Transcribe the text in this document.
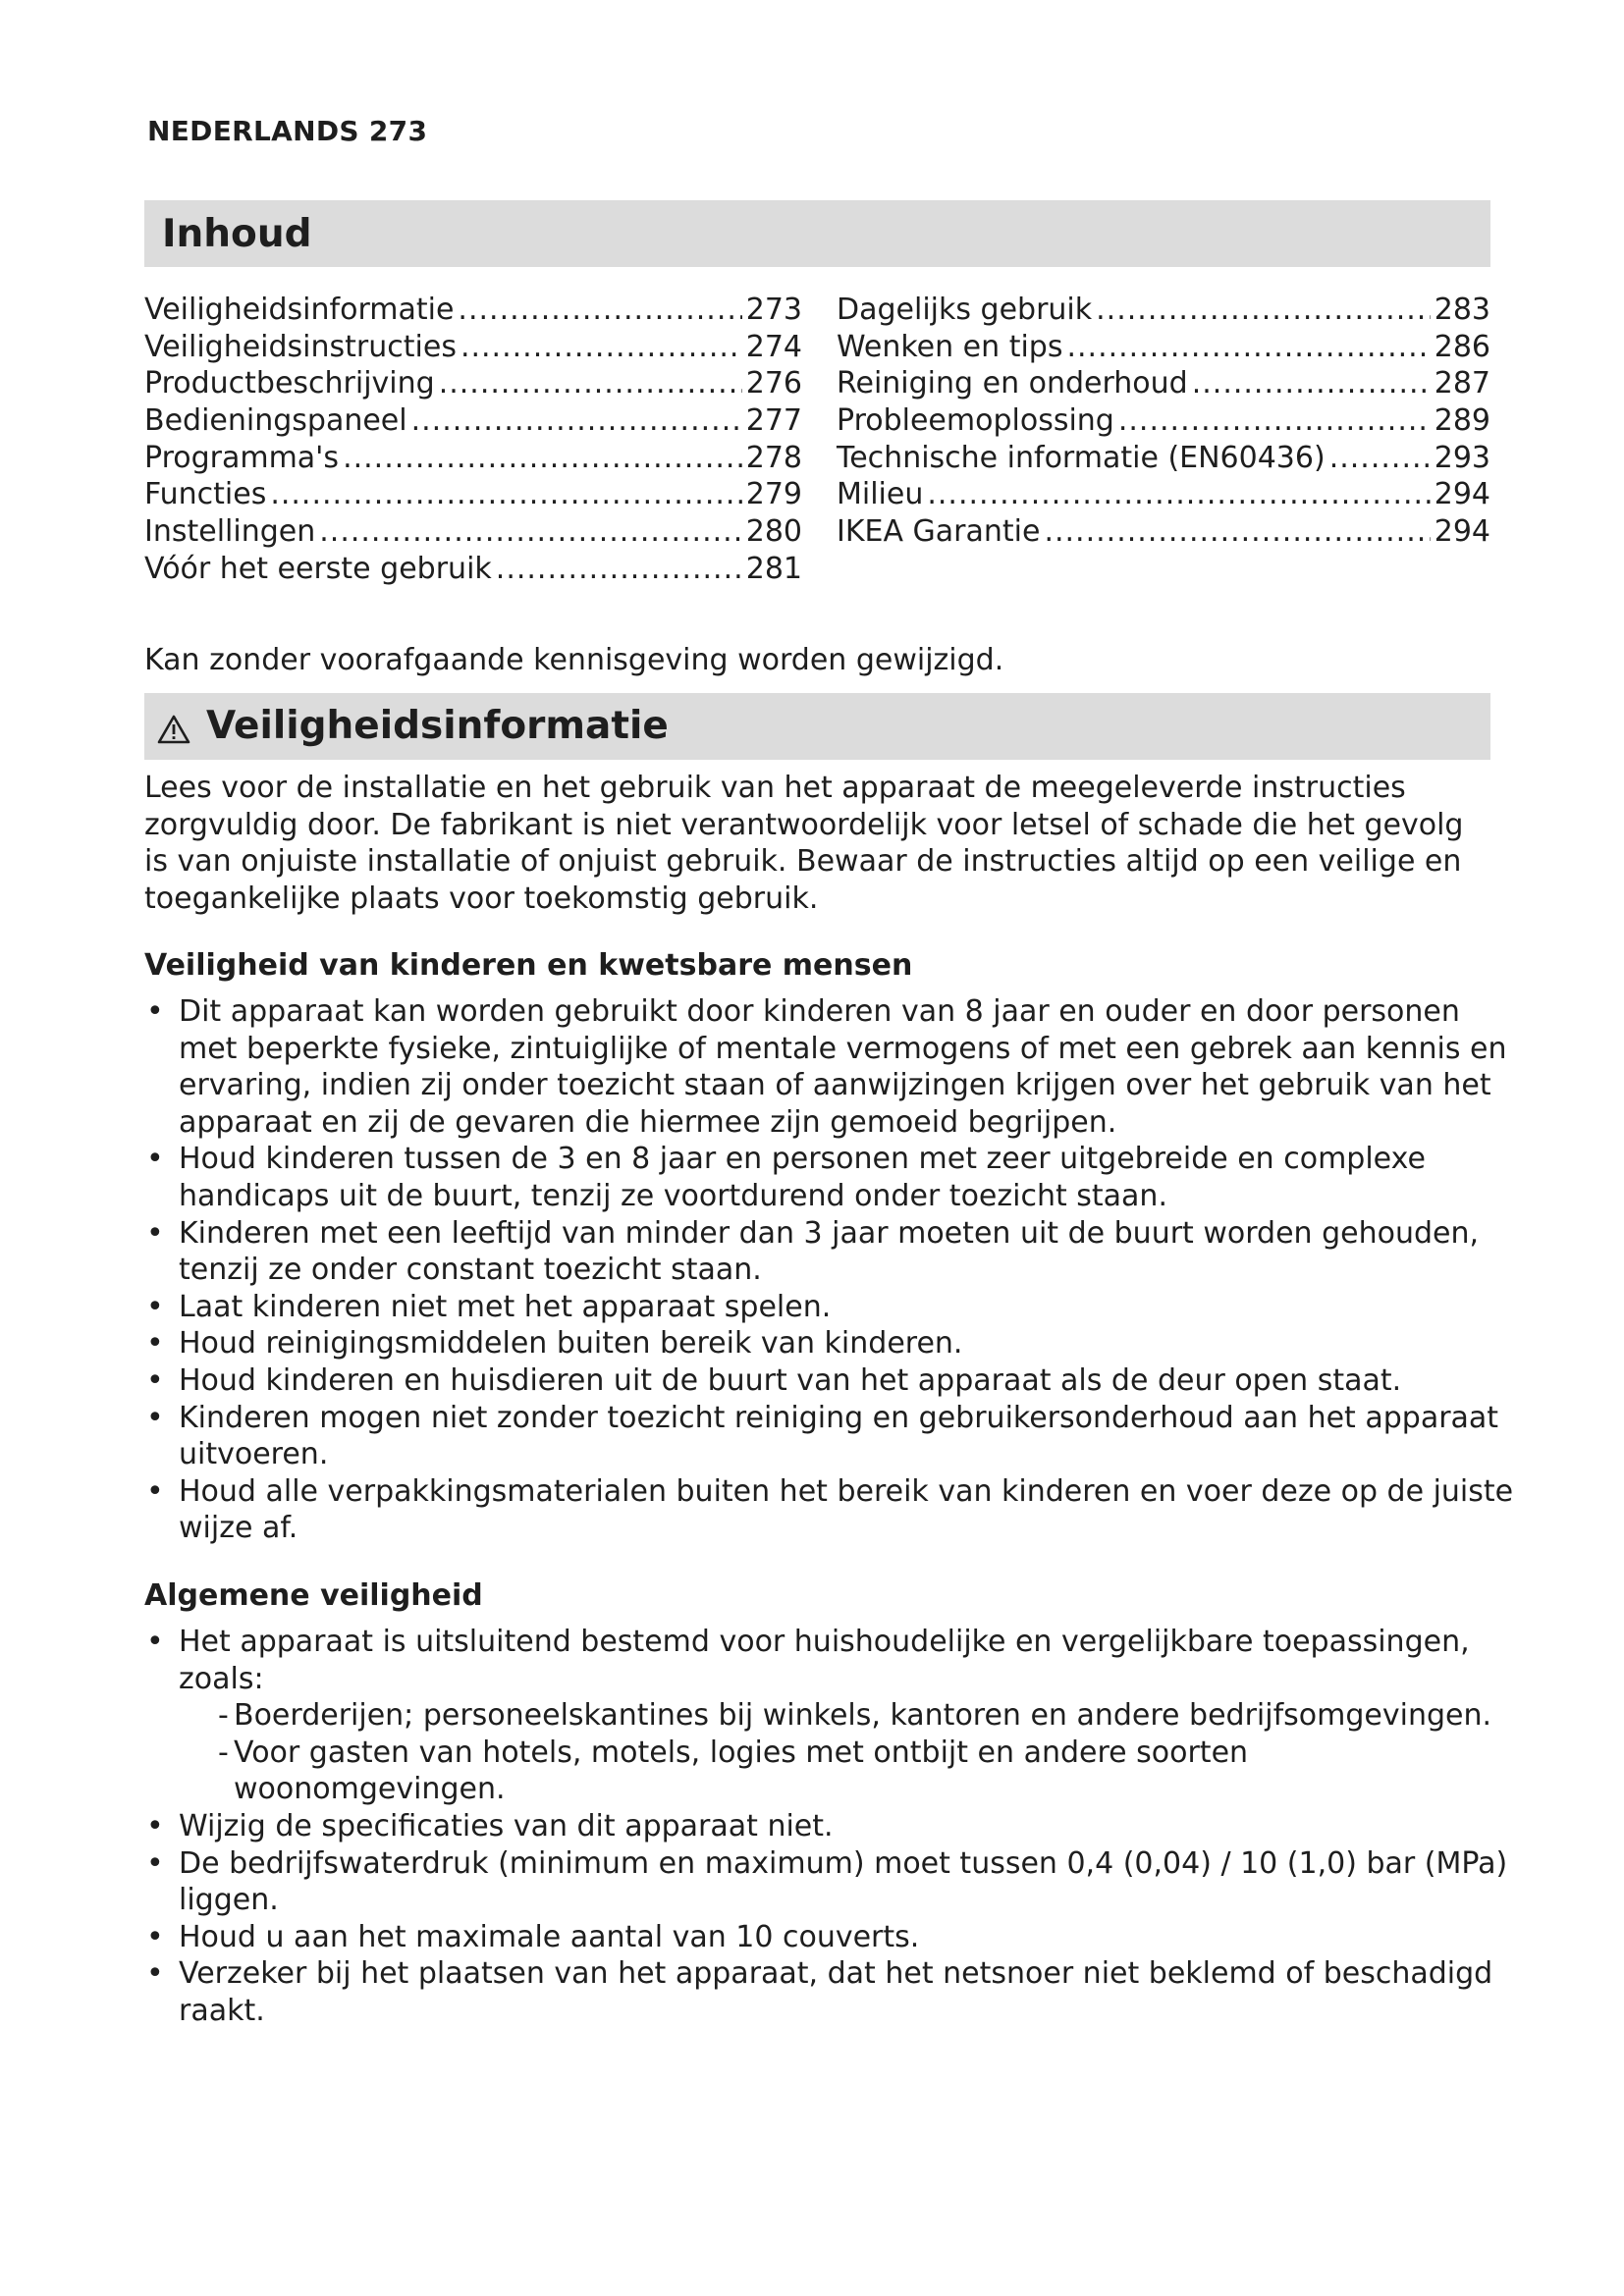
NEDERLANDS 273
Inhoud
Veiligheidsinformatie .....	273
Veiligheidsinstructies .....	274
Productbeschrijving .....	276
Bedieningspaneel .....	277
Programma's .....	278
Functies .....	279
Instellingen .....	280
Vóór het eerste gebruik .....	281
Dagelijks gebruik .....	283
Wenken en tips .....	286
Reiniging en onderhoud .....	287
Probleemoplossing .....	289
Technische informatie (EN60436) .....	293
Milieu .....	294
IKEA Garantie .....	294
Kan zonder voorafgaande kennisgeving worden gewijzigd.
Veiligheidsinformatie
Lees voor de installatie en het gebruik van het apparaat de meegeleverde instructies zorgvuldig door. De fabrikant is niet verantwoordelijk voor letsel of schade die het gevolg is van onjuiste installatie of onjuist gebruik. Bewaar de instructies altijd op een veilige en toegankelijke plaats voor toekomstig gebruik.
Veiligheid van kinderen en kwetsbare mensen
• Dit apparaat kan worden gebruikt door kinderen van 8 jaar en ouder en door personen met beperkte fysieke, zintuiglijke of mentale vermogens of met een gebrek aan kennis en ervaring, indien zij onder toezicht staan of aanwijzingen krijgen over het gebruik van het apparaat en zij de gevaren die hiermee zijn gemoeid begrijpen.
• Houd kinderen tussen de 3 en 8 jaar en personen met zeer uitgebreide en complexe handicaps uit de buurt, tenzij ze voortdurend onder toezicht staan.
• Kinderen met een leeftijd van minder dan 3 jaar moeten uit de buurt worden gehouden, tenzij ze onder constant toezicht staan.
• Laat kinderen niet met het apparaat spelen.
• Houd reinigingsmiddelen buiten bereik van kinderen.
• Houd kinderen en huisdieren uit de buurt van het apparaat als de deur open staat.
• Kinderen mogen niet zonder toezicht reiniging en gebruikersonderhoud aan het apparaat uitvoeren.
• Houd alle verpakkingsmaterialen buiten het bereik van kinderen en voer deze op de juiste wijze af.
Algemene veiligheid
• Het apparaat is uitsluitend bestemd voor huishoudelijke en vergelijkbare toepassingen, zoals:
- Boerderijen; personeelskantines bij winkels, kantoren en andere bedrijfsomgevingen.
- Voor gasten van hotels, motels, logies met ontbijt en andere soorten woonomgevingen.
• Wijzig de specificaties van dit apparaat niet.
• De bedrijfswaterdruk (minimum en maximum) moet tussen 0,4 (0,04) / 10 (1,0) bar (MPa) liggen.
• Houd u aan het maximale aantal van 10 couverts.
• Verzeker bij het plaatsen van het apparaat, dat het netsnoer niet beklemd of beschadigd raakt.
